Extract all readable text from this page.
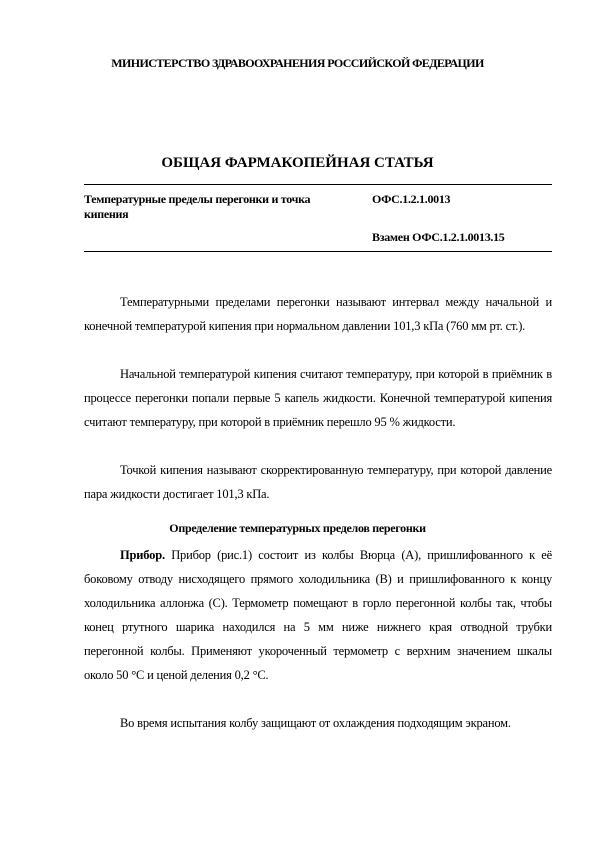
МИНИСТЕРСТВО ЗДРАВООХРАНЕНИЯ РОССИЙСКОЙ ФЕДЕРАЦИИ
ОБЩАЯ ФАРМАКОПЕЙНАЯ СТАТЬЯ
Температурные пределы перегонки и точка кипения
ОФС.1.2.1.0013
Взамен ОФС.1.2.1.0013.15

Температурными пределами перегонки называют интервал между начальной и конечной температурой кипения при нормальном давлении 101,3 кПа (760 мм рт. ст.).

Начальной температурой кипения считают температуру, при которой в приёмник в процессе перегонки попали первые 5 капель жидкости. Конечной температурой кипения считают температуру, при которой в приёмник перешло 95 % жидкости.

Точкой кипения называют скорректированную температуру, при которой давление пара жидкости достигает 101,3 кПа.

Определение температурных пределов перегонки

Прибор. Прибор (рис.1) состоит из колбы Вюрца (А), пришлифованного к её боковому отводу нисходящего прямого холодильника (В) и пришлифованного к концу холодильника аллонжа (С). Термометр помещают в горло перегонной колбы так, чтобы конец ртутного шарика находился на 5 мм ниже нижнего края отводной трубки перегонной колбы. Применяют укороченный термометр с верхним значением шкалы около 50 °С и ценой деления 0,2 °С.

Во время испытания колбу защищают от охлаждения подходящим экраном.
